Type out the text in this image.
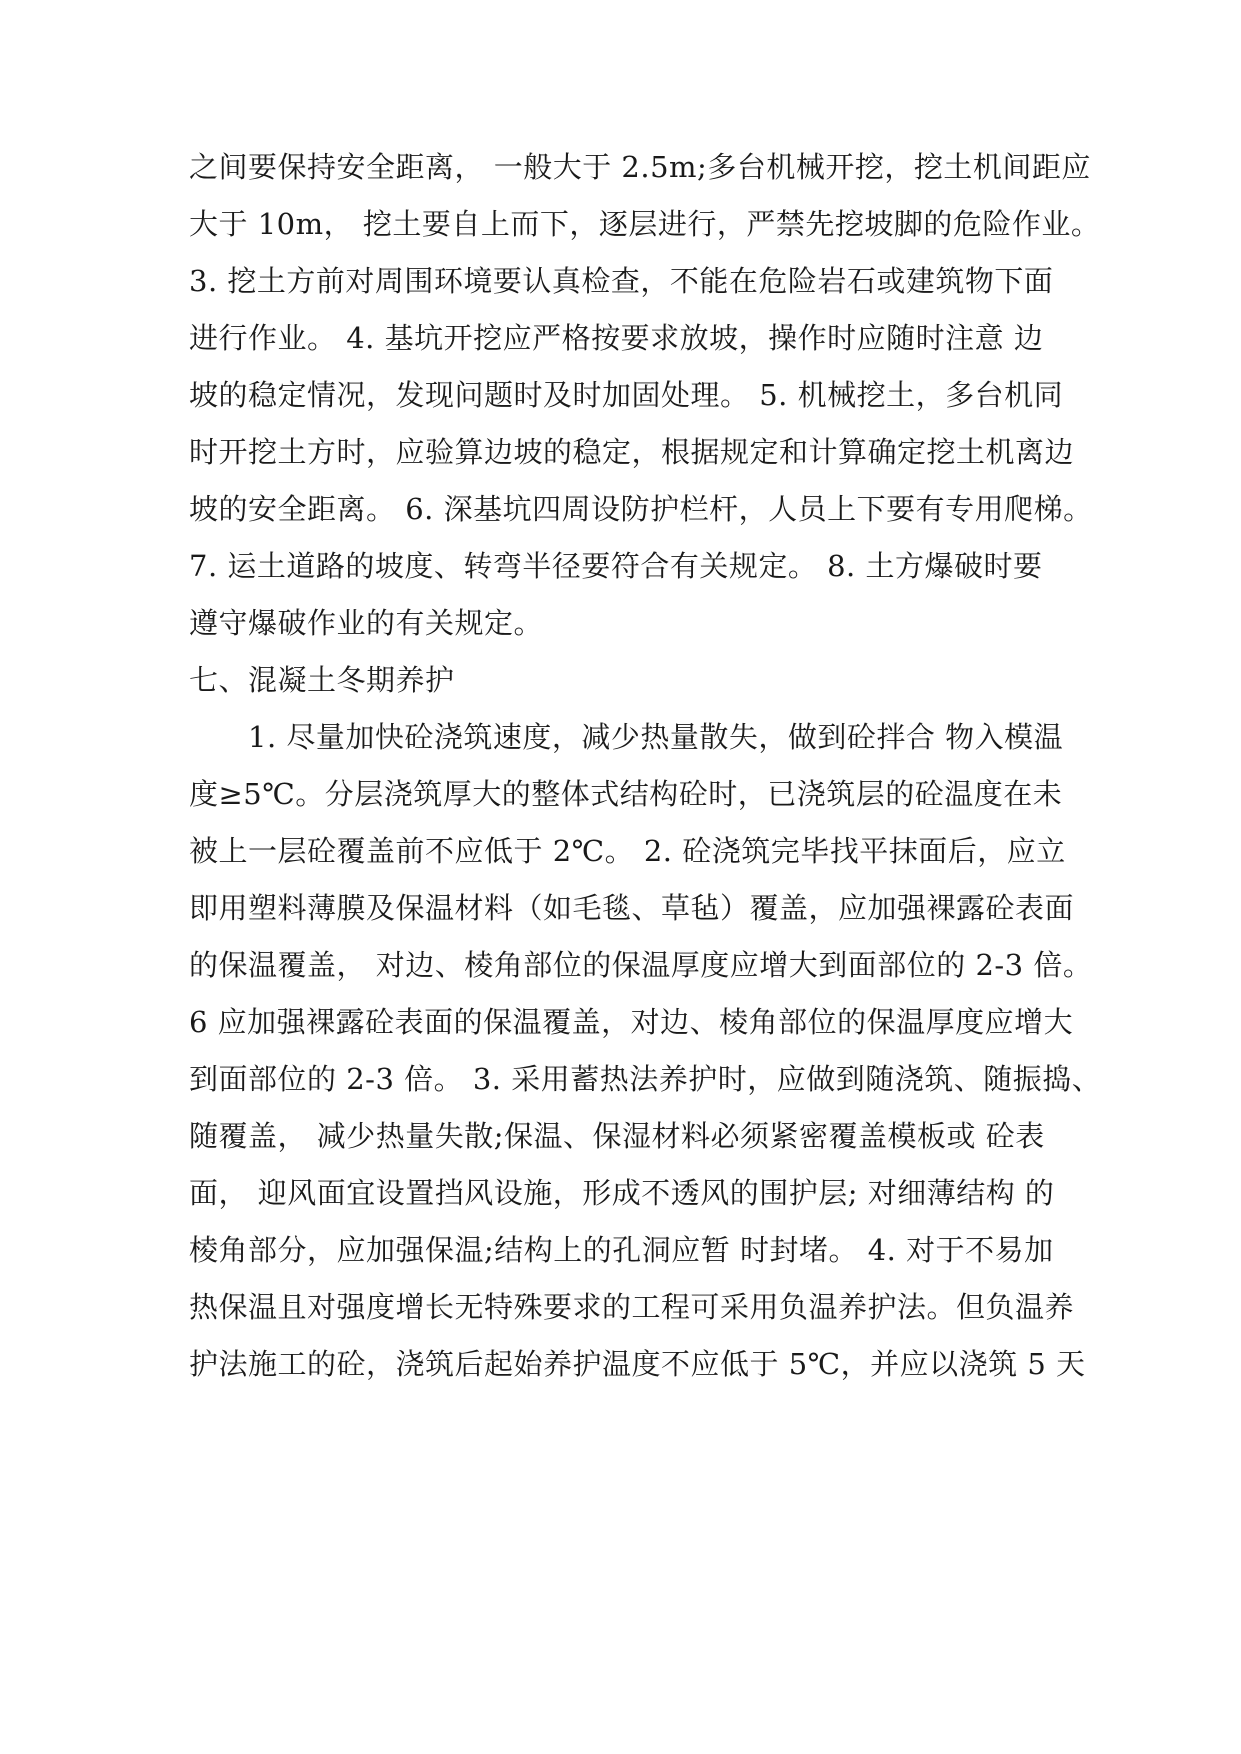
之间要保持安全距离， 一般大于 2.5m;多台机械开挖，挖土机间距应
大于 10m， 挖土要自上而下，逐层进行，严禁先挖坡脚的危险作业。
3. 挖土方前对周围环境要认真检查，不能在危险岩石或建筑物下面
进行作业。 4. 基坑开挖应严格按要求放坡，操作时应随时注意 边
坡的稳定情况，发现问题时及时加固处理。 5. 机械挖土，多台机同
时开挖土方时，应验算边坡的稳定，根据规定和计算确定挖土机离边
坡的安全距离。 6. 深基坑四周设防护栏杆，人员上下要有专用爬梯。
7. 运土道路的坡度、转弯半径要符合有关规定。 8. 土方爆破时要
遵守爆破作业的有关规定。
七、混凝土冬期养护
　　1. 尽量加快砼浇筑速度，减少热量散失，做到砼拌合 物入模温
度≥5℃。分层浇筑厚大的整体式结构砼时，已浇筑层的砼温度在未
被上一层砼覆盖前不应低于 2℃。 2. 砼浇筑完毕找平抹面后，应立
即用塑料薄膜及保温材料（如毛毯、草毡）覆盖，应加强裸露砼表面
的保温覆盖， 对边、棱角部位的保温厚度应增大到面部位的 2-3 倍。
6 应加强裸露砼表面的保温覆盖，对边、棱角部位的保温厚度应增大
到面部位的 2-3 倍。 3. 采用蓄热法养护时，应做到随浇筑、随振捣、
随覆盖， 减少热量失散;保温、保湿材料必须紧密覆盖模板或 砼表
面， 迎风面宜设置挡风设施，形成不透风的围护层; 对细薄结构 的
棱角部分，应加强保温;结构上的孔洞应暂 时封堵。 4. 对于不易加
热保温且对强度增长无特殊要求的工程可采用负温养护法。但负温养
护法施工的砼，浇筑后起始养护温度不应低于 5℃，并应以浇筑 5 天
